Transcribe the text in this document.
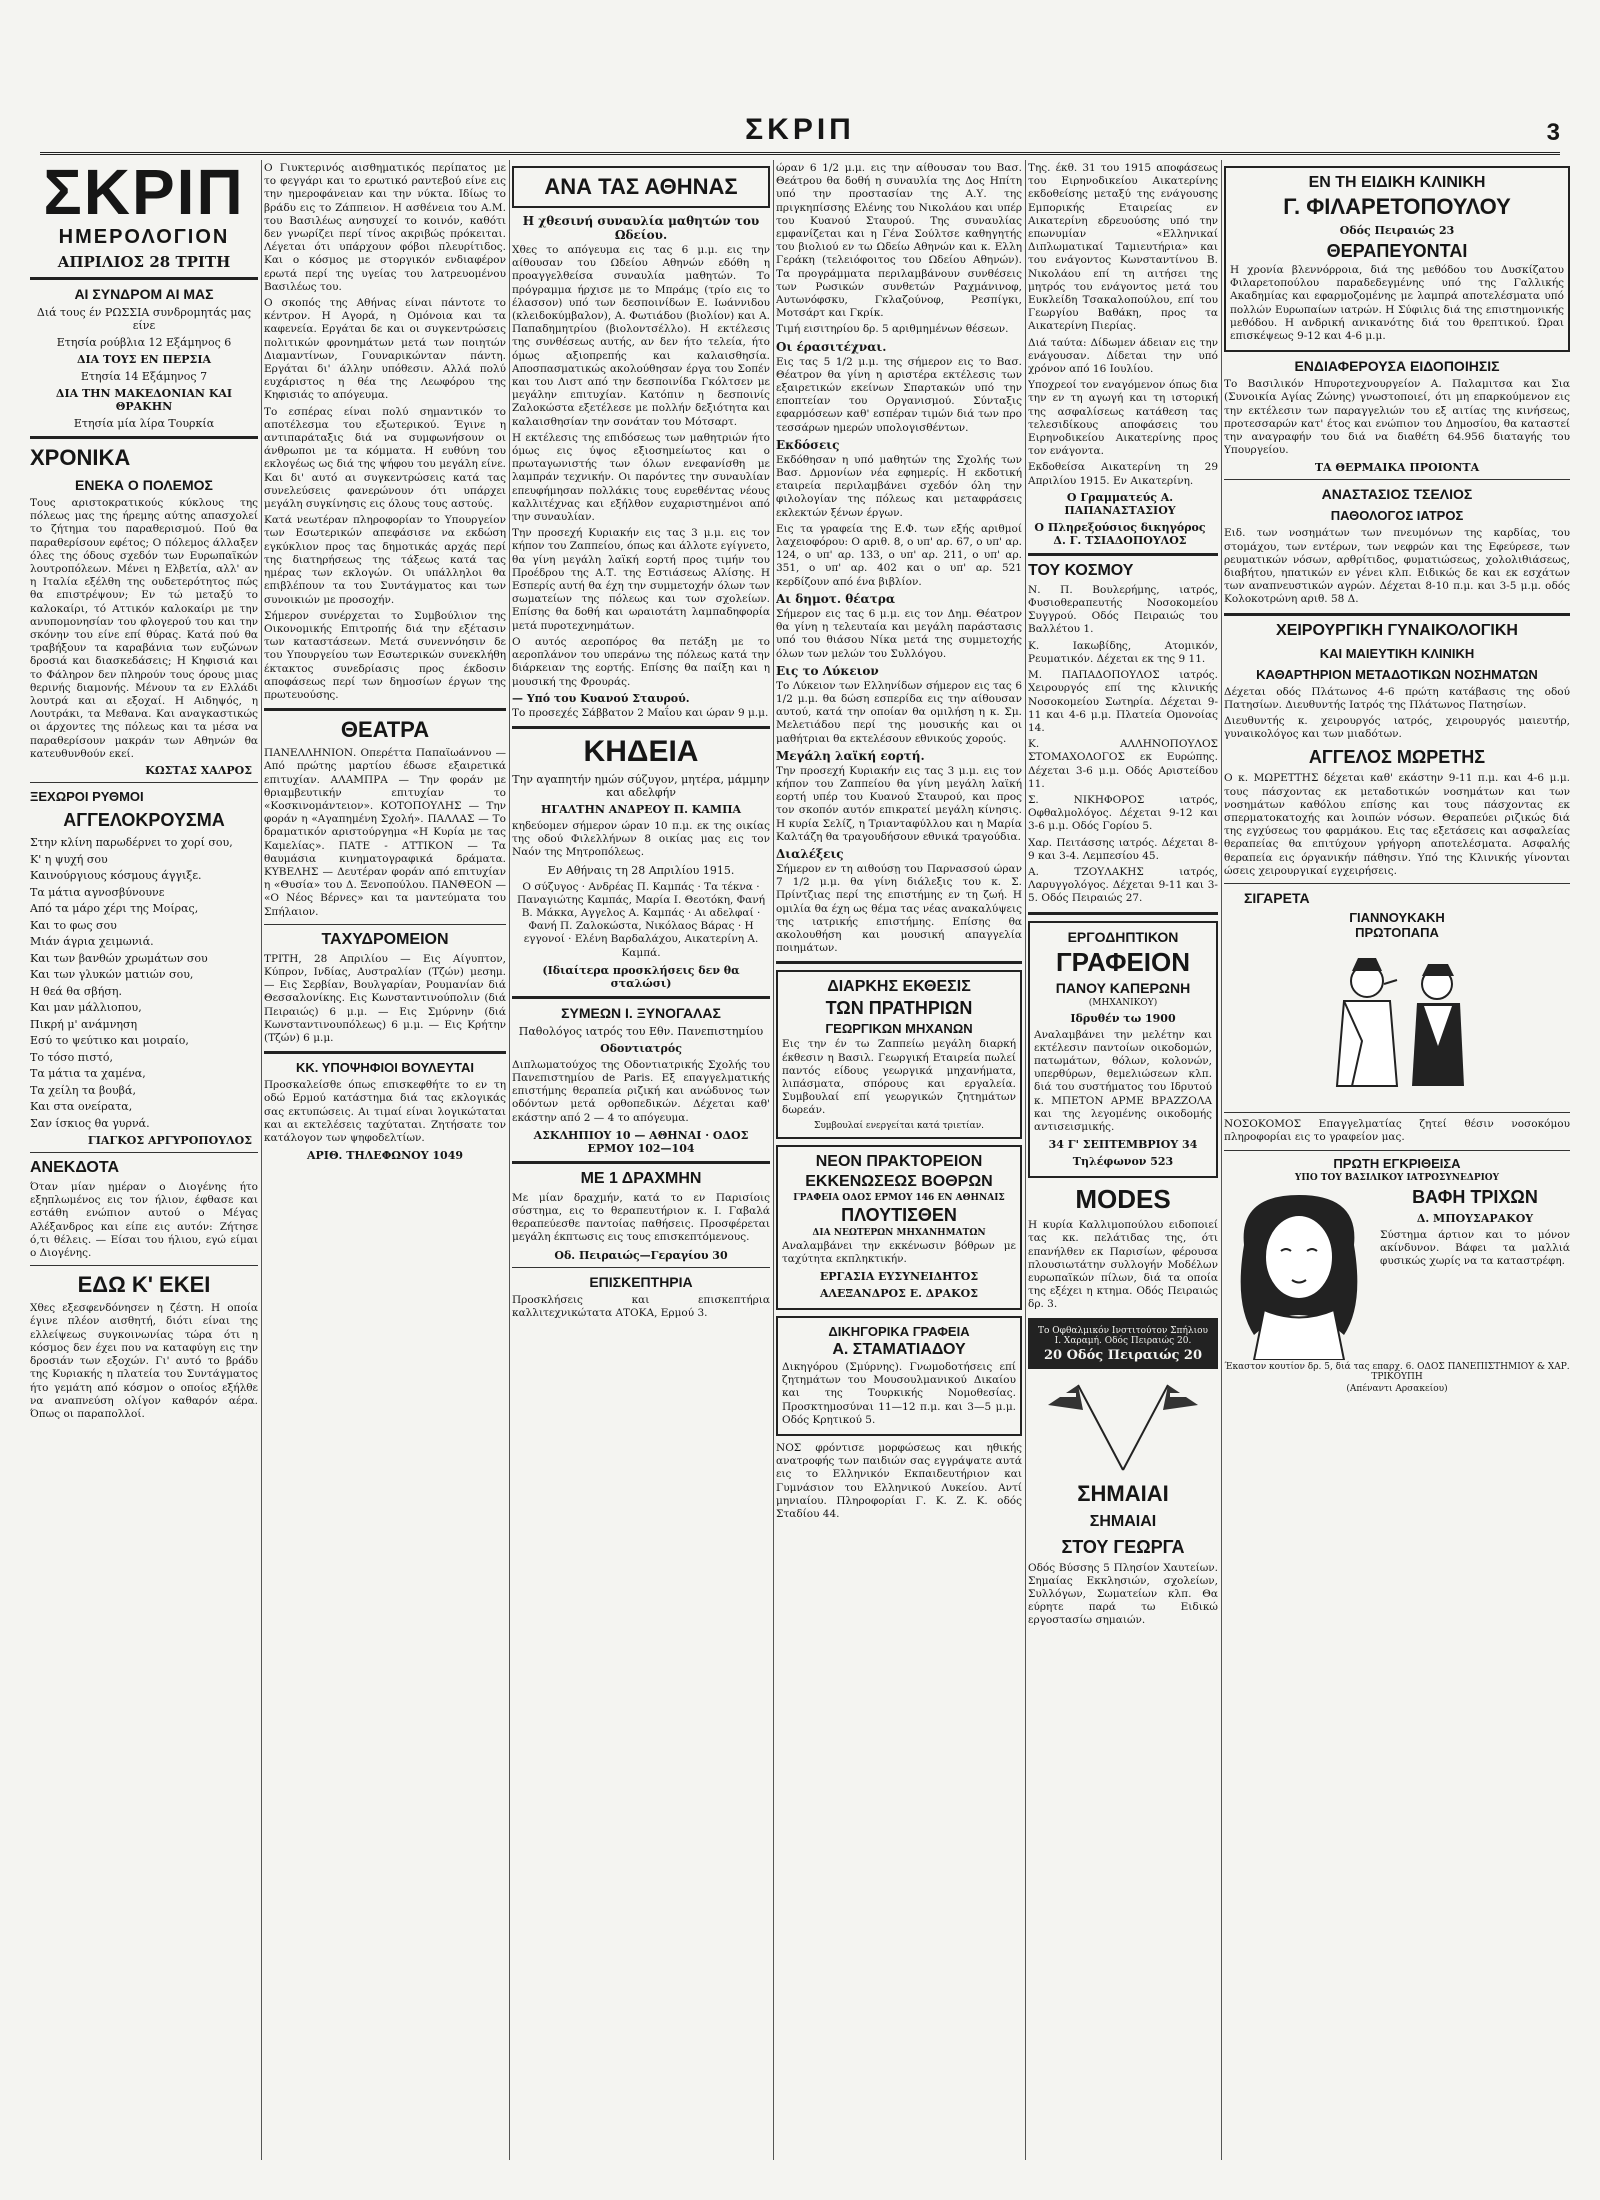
ΣΚΡΙΠ	3
ΣΚΡΙΠ
ΗΜΕΡΟΛΟΓΙΟΝ
ΑΠΡΙΛΙΟΣ 28 ΤΡΙΤΗ
ΑΙ ΣΥΝΔΡΟΜ ΑΙ ΜΑΣ
Διά τους έν ΡΩΣΣΙΑ συνδρομητάς μας είνε
Ετησία ρούβλια 12 Εξάμηνος 6
ΔΙΑ ΤΟΥΣ ΕΝ ΠΕΡΣΙΑ
Ετησία 14 Εξάμηνος 7
ΔΙΑ ΤΗΝ ΜΑΚΕΔΟΝΙΑΝ ΚΑΙ ΘΡΑΚΗΝ
Ετησία μία λίρα Τουρκία
ΧΡΟΝΙΚΑ
ΕΝΕΚΑ Ο ΠΟΛΕΜΟΣ

Τους αριστοκρατικούς κύκλους της πόλεως μας της ήρεμης αύτης απασχολεί το ζήτημα του παραθερισμού. Πού θα παραθερίσουν εφέτος; Ο πόλεμος άλλαξεν όλες της όδους σχεδόν των Ευρωπαϊκών λουτροπόλεων. Μένει η Ελβετία, αλλ' αν η Ιταλία εξέλθη της ουδετερότητος πώς θα επιστρέψουν; Εν τώ μεταξύ το καλοκαίρι, τό Αττικόν καλοκαίρι με την ανυπομονησίαν του φλογερού του και την σκόνην του είνε επί θύρας. Κατά πού θα τραβήξουν τα καραβάνια των ευζώνων δροσιά και διασκεδάσεις; Η Κηφισιά και το Φάληρον δεν πληρούν τους όρους μιας θερινής διαμονής. Μένουν τα εν Ελλάδι λουτρά και αι εξοχαί. Η Αιδηψός, η Λουτράκι, τα Μεθανα. Και αναγκαστικώς οι άρχοντες της πόλεως και τα μέσα να παραθερίσουν μακράν των Αθηνών θα κατευθυνθούν εκεί.

ΚΩΣΤΑΣ ΧΑΛΡΟΣ
ΞΕΧΩΡΟΙ ΡΥΘΜΟΙ
ΑΓΓΕΛΟΚΡΟΥΣΜΑ

Στην κλίνη παρωδέρνει το χορί σου,

Κ' η ψυχή σου

Καινούργιους κόσμους άγγιξε.

Τα μάτια αγνοσβύνουνε

Από τα μάρο χέρι της Μοίρας,

Και το φως σου

Μιάν άγρια χειμωνιά.

Και των βανθών χρωμάτων σου

Και των γλυκών ματιών σου,

Η θεά θα σβήση.

Και μαν μάλλιοπου,

Πικρή μ' ανάμνηση

Εσύ το ψεύτικο και μοιραίο,

Το τόσο πιστό,

Τα μάτια τα χαμένα,

Τα χείλη τα βουβά,

Και στα ονείρατα,

Σαν ίσκιος θα γυρνά.

ΓΙΑΓΚΟΣ ΑΡΓΥΡΟΠΟΥΛΟΣ
ΑΝΕΚΔΟΤΑ

Όταν μίαν ημέραν ο Διογένης ήτο εξηπλωμένος εις τον ήλιον, έφθασε και εστάθη ενώπιον αυτού ο Μέγας Αλέξανδρος και είπε εις αυτόν: Ζήτησε ό,τι θέλεις. — Είσαι του ήλιου, εγώ είμαι ο Διογένης.

ΕΔΩ Κ' ΕΚΕΙ

Χθες εξεσφενδόνησεν η ζέστη. Η οποία έγινε πλέον αισθητή, διότι είναι της ελλείψεως συγκοινωνίας τώρα ότι η κόσμος δεν έχει που να καταφύγη εις την δροσιάν των εξοχών. Γι' αυτό το βράδυ της Κυριακής η πλατεία του Συντάγματος ήτο γεμάτη από κόσμον ο οποίος εξήλθε να αναπνεύση ολίγον καθαρόν αέρα. Όπως οι παραπολλοί.

Ο Γιυκτερινός αισθηματικός περίπατος με το φεγγάρι και το ερωτικό ραντεβού είνε εις την ημεροφάνειαν και την νύκτα. Ιδίως το βράδυ εις το Ζάππειον. Η ασθένεια του Α.Μ. του Βασιλέως ανησυχεί το κοινόν, καθότι δεν γνωρίζει περί τίνος ακριβώς πρόκειται. Λέγεται ότι υπάρχουν φόβοι πλευρίτιδος. Και ο κόσμος με στοργικόν ενδιαφέρον ερωτά περί της υγείας του λατρευομένου Βασιλέως του.

Ο σκοπός της Αθήνας είναι πάντοτε το κέντρον. Η Αγορά, η Ομόνοια και τα καφενεία. Εργάται δε και οι συγκεντρώσεις πολιτικών φρονημάτων μετά των ποιητών Διαμαντίνων, Γουναρικώνταν πάντη. Εργάται δι' άλλην υπόθεσιν. Αλλά πολύ ευχάριστος η θέα της Λεωφόρου της Κηφισιάς το απόγευμα.

Το εσπέρας είναι πολύ σημαντικόν το αποτέλεσμα του εξωτερικού. Έγινε η αντιπαράταξις διά να συμφωνήσουν οι άνθρωποι με τα κόμματα. Η ευθύνη του εκλογέως ως διά της ψήφου του μεγάλη είνε. Και δι' αυτό αι συγκεντρώσεις κατά τας συνελεύσεις φανερώνουν ότι υπάρχει μεγάλη συγκίνησις εις όλους τους αστούς.

Κατά νεωτέραν πληροφορίαν το Υπουργείον των Εσωτερικών απεφάσισε να εκδώση εγκύκλιον προς τας δημοτικάς αρχάς περί της διατηρήσεως της τάξεως κατά τας ημέρας των εκλογών. Οι υπάλληλοι θα επιβλέπουν τα του Συντάγματος και των συνοικιών με προσοχήν.

Σήμερον συνέρχεται το Συμβούλιον της Οικονομικής Επιτροπής διά την εξέτασιν των καταστάσεων. Μετά συνεννόησιν δε του Υπουργείου των Εσωτερικών συνεκλήθη έκτακτος συνεδρίασις προς έκδοσιν αποφάσεως περί των δημοσίων έργων της πρωτευούσης.

ΘΕΑΤΡΑ

ΠΑΝΕΛΛΗΝΙΟΝ. Οπερέττα Παπαϊωάννου — Από πρώτης μαρτίου έδωσε εξαιρετικά επιτυχίαν. ΑΛΑΜΠΡΑ — Την φοράν με θριαμβευτικήν επιτυχίαν το «Κοσκινομάντειον». ΚΟΤΟΠΟΥΛΗΣ — Την φοράν η «Αγαπημένη Σχολή». ΠΑΛΛΑΣ — Το δραματικόν αριστούργημα «Η Κυρία με τας Καμελίας». ΠΑΤΕ - ΑΤΤΙΚΟΝ — Τα θαυμάσια κινηματογραφικά δράματα. ΚΥΒΕΛΗΣ — Δευτέραν φοράν από επιτυχίαν η «Θυσία» του Δ. Ξενοπούλου. ΠΑΝΘΕΟΝ — «Ο Νέος Βέρνες» και τα μαντεύματα του Σπήλαιον.

ΤΑΧΥΔΡΟΜΕΙΟΝ

ΤΡΙΤΗ, 28 Απριλίου — Εις Αίγυπτον, Κύπρον, Ινδίας, Αυστραλίαν (Τζών) μεσημ. — Εις Σερβίαν, Βουλγαρίαν, Ρουμανίαν διά Θεσσαλονίκης. Εις Κωνσταντινούπολιν (διά Πειραιώς) 6 μ.μ. — Εις Σμύρνην (διά Κωνσταντινουπόλεως) 6 μ.μ. — Εις Κρήτην (Τζών) 6 μ.μ.

ΚΚ. ΥΠΟΨΗΦΙΟΙ ΒΟΥΛΕΥΤΑΙ

Προσκαλείσθε όπως επισκεφθήτε το εν τη οδώ Ερμού κατάστημα διά τας εκλογικάς σας εκτυπώσεις. Αι τιμαί είναι λογικώταται και αι εκτελέσεις ταχύταται. Ζητήσατε τον κατάλογον των ψηφοδελτίων.

ΑΡΙΘ. ΤΗΛΕΦΩΝΟΥ 1049
ΑΝΑ ΤΑΣ ΑΘΗΝΑΣ
Η χθεσινή συναυλία μαθητών του Ωδείου.

Χθες το απόγευμα εις τας 6 μ.μ. εις την αίθουσαν του Ωδείου Αθηνών εδόθη η προαγγελθείσα συναυλία μαθητών. Το πρόγραμμα ήρχισε με το Μπράμς (τρίο εις το έλασσον) υπό των δεσποινίδων Ε. Ιωάννιδου (κλειδοκύμβαλον), Α. Φωτιάδου (βιολίον) και Α. Παπαδημητρίου (βιολοντσέλλο). Η εκτέλεσις της συνθέσεως αυτής, αν δεν ήτο τελεία, ήτο όμως αξιοπρεπής και καλαισθησία. Αποσπασματικώς ακολούθησαν έργα του Σοπέν και του Λιστ από την δεσποινίδα Γκόλτσεν με μεγάλην επιτυχίαν. Κατόπιν η δεσποινίς Ζαλοκώστα εξετέλεσε με πολλήν δεξιότητα και καλαισθησίαν την σονάταν του Μότσαρτ.

Η εκτέλεσις της επιδόσεως των μαθητριών ήτο όμως εις ύψος εξιοσημείωτος και ο πρωταγωνιστής των όλων ενεφανίσθη με λαμπράν τεχνικήν. Οι παρόντες την συναυλίαν επευφήμησαν πολλάκις τους ευρεθέντας νέους καλλιτέχνας και εξήλθον ευχαριστημένοι από την συναυλίαν.

Την προσεχή Κυριακήν εις τας 3 μ.μ. εις τον κήπον του Ζαππείου, όπως και άλλοτε εγίγνετο, θα γίνη μεγάλη λαϊκή εορτή προς τιμήν του Προέδρου της Α.Τ. της Εστιάσεως Αλίσης. Η Εσπερίς αυτή θα έχη την συμμετοχήν όλων των σωματείων της πόλεως και των σχολείων. Επίσης θα δοθή και ωραιοτάτη λαμπαδηφορία μετά πυροτεχνημάτων.

Ο αυτός αεροπόρος θα πετάξη με το αεροπλάνον του υπεράνω της πόλεως κατά την διάρκειαν της εορτής. Επίσης θα παίξη και η μουσική της Φρουράς.

— Υπό του Κυανού Σταυρού.

Το προσεχές Σάββατον 2 Μαΐου και ώραν 9 μ.μ.

ΚΗΔΕΙΑ
Την αγαπητήν ημών σύζυγον, μητέρα, μάμμην και αδελφήν
ΗΓΑΛΤΗΝ ΑΝΔΡΕΟΥ Π. ΚΑΜΠΑ

κηδεύομεν σήμερον ώραν 10 π.μ. εκ της οικίας της οδού Φιλελλήνων 8 οικίας μας εις τον Ναόν της Μητροπόλεως.

Εν Αθήναις τη 28 Απριλίου 1915.

Ο σύζυγος · Ανδρέας Π. Καμπάς · Τα τέκνα · Παναγιώτης Καμπάς, Μαρία Ι. Θεοτόκη, Φανή Β. Μάκκα, Αγγελος Α. Καμπάς · Αι αδελφαί · Φανή Π. Ζαλοκώστα, Νικόλαος Βάρας · Η εγγονοί · Ελένη Βαρδαλάχου, Αικατερίνη Α. Καμπά.

(Ιδιαίτερα προσκλήσεις δεν θα σταλώσι)
ΣΥΜΕΩΝ Ι. ΞΥΝΟΓΑΛΑΣ
Παθολόγος ιατρός του Εθν. Πανεπιστημίου
Οδοντιατρός

Διπλωματούχος της Οδοντιατρικής Σχολής του Πανεπιστημίου de Paris. Εξ επαγγελματικής επιστήμης θεραπεία ριζική και ανώδυνος των οδόντων μετά ορθοπεδικών. Δέχεται καθ' εκάστην από 2 — 4 το απόγευμα.

ΑΣΚΛΗΠΙΟΥ 10 — ΑΘΗΝΑΙ · ΟΔΟΣ ΕΡΜΟΥ 102—104
ΜΕ 1 ΔΡΑΧΜΗΝ

Με μίαν δραχμήν, κατά το εν Παρισίοις σύστημα, εις το θεραπευτήριον κ. Ι. Γαβαλά θεραπεύεσθε παντοίας παθήσεις. Προσφέρεται μεγάλη έκπτωσις εις τους επισκεπτόμενους.

Οδ. Πειραιώς—Γεραγίου 30
ΕΠΙΣΚΕΠΤΗΡΙΑ

Προσκλήσεις και επισκεπτήρια καλλιτεχνικώτατα ΑΤΟΚΑ, Ερμού 3.

ώραν 6 1/2 μ.μ. εις την αίθουσαν του Βασ. Θεάτρου θα δοθή η συναυλία της Δος Ηπίτη υπό την προστασίαν της Α.Υ. της πριγκηπίσσης Ελένης του Νικολάου και υπέρ του Κυανού Σταυρού. Της συναυλίας εμφανίζεται και η Γένα Σούλτσε καθηγητής του βιολιού εν τω Ωδείω Αθηνών και κ. Ελλη Γεράκη (τελειόφοιτος του Ωδείου Αθηνών). Τα προγράμματα περιλαμβάνουν συνθέσεις των Ρωσικών συνθετών Ραχμάνινοφ, Αυτωνόφσκυ, Γκλαζούνοφ, Ρεσπίγκι, Μοτσάρτ και Γκρίκ.

Τιμή εισιτηρίου δρ. 5 αριθμημένων θέσεων.

Οι έρασιτέχναι.

Εις τας 5 1/2 μ.μ. της σήμερον εις το Βασ. Θέατρον θα γίνη η αριστέρα εκτέλεσις των εξαιρετικών εκείνων Σπαρτακών υπό την εποπτείαν του Οργανισμού. Σύνταξις εφαρμόσεων καθ' εσπέραν τιμών διά των προ τεσσάρων ημερών υπολογισθέντων.

Εκδόσεις

Εκδόθησαν η υπό μαθητών της Σχολής των Βασ. Δρμονίων νέα εφημερίς. Η εκδοτική εταιρεία περιλαμβάνει σχεδόν όλη την φιλολογίαν της πόλεως και μεταφράσεις εκλεκτών ξένων έργων.

Εις τα γραφεία της Ε.Φ. των εξής αριθμοί λαχειοφόρου: Ο αριθ. 8, ο υπ' αρ. 67, ο υπ' αρ. 124, ο υπ' αρ. 133, ο υπ' αρ. 211, ο υπ' αρ. 351, ο υπ' αρ. 402 και ο υπ' αρ. 521 κερδίζουν από ένα βιβλίον.

Αι δημοτ. θέατρα

Σήμερον εις τας 6 μ.μ. εις τον Δημ. Θέατρον θα γίνη η τελευταία και μεγάλη παράστασις υπό του θιάσου Νίκα μετά της συμμετοχής όλων των μελών του Συλλόγου.

Εις το Λύκειον

Το Λύκειον των Ελληνίδων σήμερον εις τας 6 1/2 μ.μ. θα δώση εσπερίδα εις την αίθουσαν αυτού, κατά την οποίαν θα ομιλήση η κ. Σμ. Μελετιάδου περί της μουσικής και οι μαθήτριαι θα εκτελέσουν εθνικούς χορούς.

Μεγάλη λαϊκή εορτή.

Την προσεχή Κυριακήν εις τας 3 μ.μ. εις τον κήπον του Ζαππείου θα γίνη μεγάλη λαϊκή εορτή υπέρ του Κυανού Σταυρού, και προς τον σκοπόν αυτόν επικρατεί μεγάλη κίνησις. Η κυρία Σελίζ, η Τριανταφύλλου και η Μαρία Καλτάζη θα τραγουδήσουν εθνικά τραγούδια.

Διαλέξεις

Σήμερον εν τη αιθούσῃ του Παρνασσού ώραν 7 1/2 μ.μ. θα γίνη διάλεξις του κ. Σ. Πρίντζιας περί της επιστήμης εν τη ζωή. Η ομιλία θα έχη ως θέμα τας νέας ανακαλύψεις της ιατρικής επιστήμης. Επίσης θα ακολουθήση και μουσική απαγγελία ποιημάτων.

ΔΙΑΡΚΗΣ ΕΚΘΕΣΙΣ
ΤΩΝ ΠΡΑΤΗΡΙΩΝ
ΓΕΩΡΓΙΚΩΝ ΜΗΧΑΝΩΝ

Εις την έν τω Ζαππείω μεγάλη διαρκή έκθεσιν η Βασιλ. Γεωργική Εταιρεία πωλεί παντός είδους γεωργικά μηχανήματα, λιπάσματα, σπόρους και εργαλεία. Συμβουλαί επί γεωργικών ζητημάτων δωρεάν.

Συμβουλαί ενεργείται κατά τριετίαν.
ΝΕΟΝ ΠΡΑΚΤΟΡΕΙΟΝ
ΕΚΚΕΝΩΣΕΩΣ ΒΟΘΡΩΝ
ΓΡΑΦΕΙΑ ΟΔΟΣ ΕΡΜΟΥ 146 ΕΝ ΑΘΗΝΑΙΣ
ΠΛΟΥΤΙΣΘΕΝ
ΔΙΑ ΝΕΩΤΕΡΩΝ ΜΗΧΑΝΗΜΑΤΩΝ

Αναλαμβάνει την εκκένωσιν βόθρων με ταχύτητα εκπληκτικήν.

ΕΡΓΑΣΙΑ ΕΥΣΥΝΕΙΔΗΤΟΣ
ΑΛΕΞΑΝΔΡΟΣ Ε. ΔΡΑΚΟΣ
ΔΙΚΗΓΟΡΙΚΑ ΓΡΑΦΕΙΑ
Α. ΣΤΑΜΑΤΙΑΔΟΥ

Δικηγόρου (Σμύρνης). Γνωμοδοτήσεις επί ζητημάτων του Μουσουλμανικού Δικαίου και της Τουρκικής Νομοθεσίας. Προσκτημοσύναι 11—12 π.μ. και 3—5 μ.μ. Οδός Κρητικού 5.

ΝΟΣ φρόντισε μορφώσεως και ηθικής ανατροφής των παιδιών σας εγγράψατε αυτά εις το Ελληνικόν Εκπαιδευτήριον και Γυμνάσιον του Ελληνικού Λυκείου. Αντί μηνιαίου. Πληροφορίαι Γ. Κ. Ζ. Κ. οδός Σταδίου 44.

Της. έκθ. 31 του 1915 αποφάσεως του Ειρηνοδικείου Αικατερίνης εκδοθείσης μεταξύ της ενάγουσης Εμπορικής Εταιρείας εν Αικατερίνη εδρευούσης υπό την επωνυμίαν «Ελληνικαί Διπλωματικαί Ταμιευτήρια» και του ενάγοντος Κωνσταντίνου Β. Νικολάου επί τη αιτήσει της μητρός του ενάγοντος μετά του Ευκλείδη Τσακαλοπούλου, επί του Γεωργίου Βαθάκη, προς τα Αικατερίνη Πιερίας.

Διά ταύτα: Δίδωμεν άδειαν εις την ενάγουσαν. Δίδεται την υπό χρόνον από 16 Ιουλίου.

Υποχρεοί τον εναγόμενον όπως δια την εν τη αγωγή και τη ιστορική της ασφαλίσεως κατάθεση τας τελεσιδίκους αποφάσεις του Ειρηνοδικείου Αικατερίνης προς τον ενάγοντα.

Εκδοθείσα Αικατερίνη τη 29 Απριλίου 1915. Εν Αικατερίνη.

Ο Γραμματεύς Α. ΠΑΠΑΝΑΣΤΑΣΙΟΥ
Ο Πληρεξούσιος δικηγόρος Δ. Γ. ΤΣΙΑΔΟΠΟΥΛΟΣ
ΤΟΥ ΚΟΣΜΟΥ

Ν. Π. Βουλερήμης, ιατρός, Φυσιοθεραπευτής Νοσοκομείου Συγγρού. Οδός Πειραιώς του Βαλλέτου 1.

Κ. Ιακωβίδης, Ατομικόν, Ρευματικόν. Δέχεται εκ της 9 11.

Μ. ΠΑΠΑΔΟΠΟΥΛΟΣ ιατρός. Χειρουργός επί της κλινικής Νοσοκομείου Σωτηρία. Δέχεται 9-11 και 4-6 μ.μ. Πλατεία Ομονοίας 14.

Κ. ΑΛΛΗΝΟΠΟΥΛΟΣ ΣΤΟΜΑΧΟΛΟΓΟΣ εκ Ευρώπης. Δέχεται 3-6 μ.μ. Οδός Αριστείδου 11.

Σ. ΝΙΚΗΦΟΡΟΣ ιατρός, Οφθαλμολόγος. Δέχεται 9-12 και 3-6 μ.μ. Οδός Γορίου 5.

Χαρ. Πειτάσσης ιατρός. Δέχεται 8-9 και 3-4. Λεμπεσίου 45.

Α. ΤΖΟΥΛΑΚΗΣ ιατρός, Λαρυγγολόγος. Δέχεται 9-11 και 3-5. Οδός Πειραιώς 27.

ΕΡΓΟΔΗΠΤΙΚΟΝ
ΓΡΑΦΕΙΟΝ
ΠΑΝΟΥ ΚΑΠΕΡΩΝΗ
(ΜΗΧΑΝΙΚΟΥ)
Ιδρυθέν τω 1900

Αναλαμβάνει την μελέτην και εκτέλεσιν παντοίων οικοδομών, πατωμάτων, θόλων, κολονών, υπερθύρων, θεμελιώσεων κλπ. διά του συστήματος του Ιδρυτού κ. ΜΠΕΤΟΝ ΑΡΜΕ ΒΡΑΖΖΟΛΑ και της λεγομένης οικοδομής αντισεισμικής.

34 Γ' ΣΕΠΤΕΜΒΡΙΟΥ 34
Τηλέφωνον 523
MODES

Η κυρία Καλλιμοπούλου ειδοποιεί τας κκ. πελάτιδας της, ότι επανήλθεν εκ Παρισίων, φέρουσα πλουσιωτάτην συλλογήν Μοδέλων ευρωπαϊκών πίλων, διά τα οποία της εξέχει η κτημα. Οδός Πειραιώς δρ. 3.

Το Οφθαλμικόν Ινστιτούτον Σπήλιου Ι. Χαραμή. Οδός Πειραιώς 20.
20 Οδός Πειραιώς 20
ΣΗΜΑΙΑΙ
ΣΗΜΑΙΑΙ
ΣΤΟΥ ΓΕΩΡΓΑ

Οδός Βύσσης 5 Πλησίον Χαυτείων. Σημαίας Εκκλησιών, σχολείων, Συλλόγων, Σωματείων κλπ. Θα εύρητε παρά τω Ειδικώ εργοστασίω σημαιών.

ΕΝ ΤΗ ΕΙΔΙΚΗ ΚΛΙΝΙΚΗ
Γ. ΦΙΛΑΡΕΤΟΠΟΥΛΟΥ
Οδός Πειραιώς 23
ΘΕΡΑΠΕΥΟΝΤΑΙ

Η χρονία βλεννόρροια, διά της μεθόδου του Δυσκίζατου Φιλαρετοπούλου παραδεδεγμένης υπό της Γαλλικής Ακαδημίας και εφαρμοζομένης με λαμπρά αποτελέσματα υπό πολλών Ευρωπαίων ιατρών. Η Σύφιλις διά της επιστημονικής μεθόδου. Η ανδρική ανικανότης διά του θρεπτικού. Ώραι επισκέψεως 9-12 και 4-6 μ.μ.

ΕΝΔΙΑΦΕΡΟΥΣΑ ΕΙΔΟΠΟΙΗΣΙΣ

Το Βασιλικόν Ηπυροτεχνουργείον Α. Παλαμιτσα και Σια (Συνοικία Αγίας Ζώνης) γνωστοποιεί, ότι μη επαρκούμενον εις την εκτέλεσιν των παραγγελιών του εξ αιτίας της κινήσεως, προτεσσαρών κατ' έτος και ενώπιον του Δημοσίου, θα καταστεί την αναγραφήν του διά να διαθέτη 64.956 διαταγής του Υπουργείου.

ΤΑ ΘΕΡΜΑΙΚΑ ΠΡΟΙΟΝΤΑ
ΑΝΑΣΤΑΣΙΟΣ ΤΣΕΛΙΟΣ
ΠΑΘΟΛΟΓΟΣ ΙΑΤΡΟΣ

Ειδ. των νοσημάτων των πνευμόνων της καρδίας, του στομάχου, των εντέρων, των νεφρών και της Εφεύρεσε, των ρευματικών νόσων, αρθρίτιδος, φυματιώσεως, χολολιθιάσεως, διαβήτου, ηπατικών εν γένει κλπ. Ειδικώς δε και εκ εσχάτων των αναπνευστικών αγρών. Δέχεται 8-10 π.μ. και 3-5 μ.μ. οδός Κολοκοτρώνη αριθ. 58 Δ.

ΧΕΙΡΟΥΡΓΙΚΗ ΓΥΝΑΙΚΟΛΟΓΙΚΗ
ΚΑΙ ΜΑΙΕΥΤΙΚΗ ΚΛΙΝΙΚΗ
ΚΑΘΑΡΤΗΡΙΟΝ ΜΕΤΑΔΟΤΙΚΩΝ ΝΟΣΗΜΑΤΩΝ

Δέχεται οδός Πλάτωνος 4-6 πρώτη κατάβασις της οδού Πατησίων. Διευθυντής Ιατρός της Πλάτωνος Πατησίων.

Διευθυντής κ. χειρουργός ιατρός, χειρουργός μαιευτήρ, γυναικολόγος και των μιαδότων.

ΑΓΓΕΛΟΣ ΜΩΡΕΤΗΣ

Ο κ. ΜΩΡΕΤΤΗΣ δέχεται καθ' εκάστην 9-11 π.μ. και 4-6 μ.μ. τους πάσχοντας εκ μεταδοτικών νοσημάτων και των νοσημάτων καθόλου επίσης και τους πάσχοντας εκ σπερματοκατοχής και λοιπών νόσων. Θεραπεύει ριζικώς διά της εγχύσεως του φαρμάκου. Εις τας εξετάσεις και ασφαλείας θεραπείας θα επιτύχουν γρήγορη αποτελέσματα. Ασφαλής θεραπεία εις όργανικήν πάθησιν. Υπό της Κλινικής γίνονται ώσεις χειρουργικαί εγχειρήσεις.

ΣΙΓΑΡΕΤΑ
ΓΙΑΝΝΟΥΚΑΚΗ
ΠΡΩΤΟΠΑΠΑ

ΝΟΣΟΚΟΜΟΣ Επαγγελματίας ζητεί θέσιν νοσοκόμου πληροφορίαι εις το γραφείον μας.

ΠΡΩΤΗ ΕΓΚΡΙΘΕΙΣΑ
ΥΠΟ ΤΟΥ ΒΑΣΙΛΙΚΟΥ ΙΑΤΡΟΣΥΝΕΔΡΙΟΥ
ΒΑΦΗ ΤΡΙΧΩΝ
Δ. ΜΠΟΥΣΑΡΑΚΟΥ

Σύστημα άρτιον και το μόνον ακίνδυνον. Βάφει τα μαλλιά φυσικώς χωρίς να τα καταστρέφη.

Έκαστον κουτίον δρ. 5, διά τας επαρχ. 6. ΟΔΟΣ ΠΑΝΕΠΙΣΤΗΜΙΟΥ & ΧΑΡ. ΤΡΙΚΟΥΠΗ
(Απέναντι Αρσακείου)
